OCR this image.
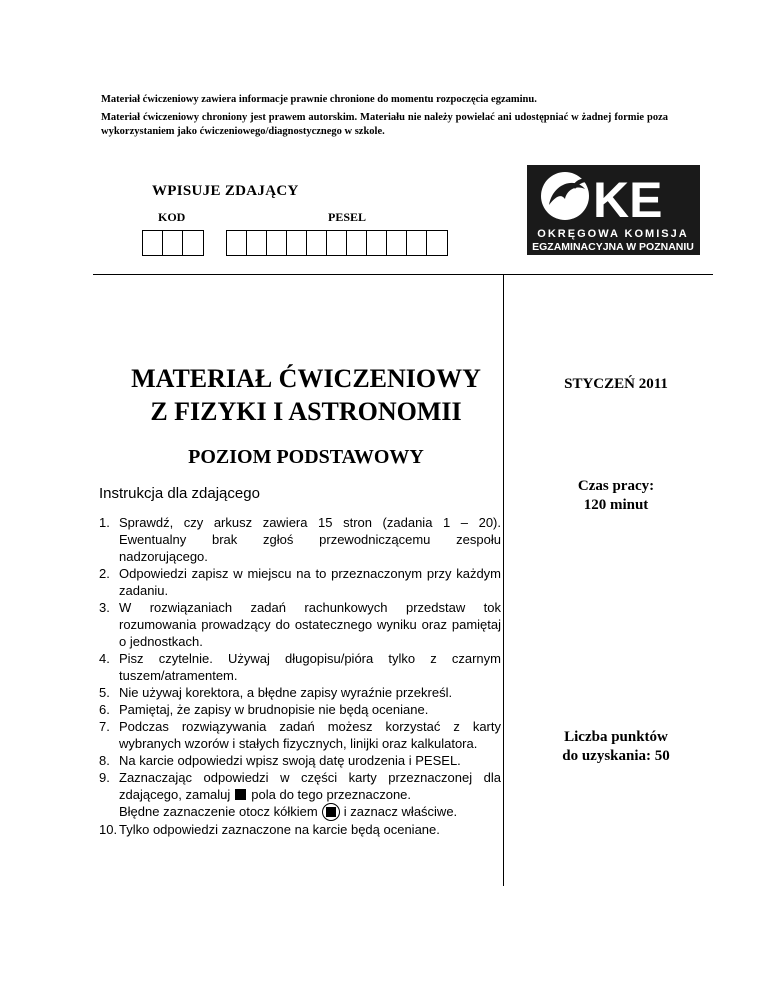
Materiał ćwiczeniowy zawiera informacje prawnie chronione do momentu rozpoczęcia egzaminu.
Materiał ćwiczeniowy chroniony jest prawem autorskim. Materiału nie należy powielać ani udostępniać w żadnej formie poza wykorzystaniem jako ćwiczeniowego/diagnostycznego w szkole.
WPISUJE ZDAJĄCY
KOD	PESEL	KE
OKRĘGOWA KOMISJA
EGZAMINACYJNA W POZNANIU
MATERIAŁ ĆWICZENIOWY
Z FIZYKI I ASTRONOMII
POZIOM PODSTAWOWY
Instrukcja dla zdającego
1. Sprawdź, czy arkusz zawiera 15 stron (zadania 1 – 20). Ewentualny brak zgłoś przewodniczącemu zespołu nadzorującego.
2. Odpowiedzi zapisz w miejscu na to przeznaczonym przy każdym zadaniu.
3. W rozwiązaniach zadań rachunkowych przedstaw tok rozumowania prowadzący do ostatecznego wyniku oraz pamiętaj o jednostkach.
4. Pisz czytelnie. Używaj długopisu/pióra tylko z czarnym tuszem/atramentem.
5. Nie używaj korektora, a błędne zapisy wyraźnie przekreśl.
6. Pamiętaj, że zapisy w brudnopisie nie będą oceniane.
7. Podczas rozwiązywania zadań możesz korzystać z karty wybranych wzorów i stałych fizycznych, linijki oraz kalkulatora.
8. Na karcie odpowiedzi wpisz swoją datę urodzenia i PESEL.
9. Zaznaczając odpowiedzi w części karty przeznaczonej dla zdającego, zamaluj pola do tego przeznaczone.
Błędne zaznaczenie otocz kółkiem i zaznacz właściwe.
10. Tylko odpowiedzi zaznaczone na karcie będą oceniane.
STYCZEŃ 2011
Czas pracy:
120 minut
Liczba punktów
do uzyskania: 50
